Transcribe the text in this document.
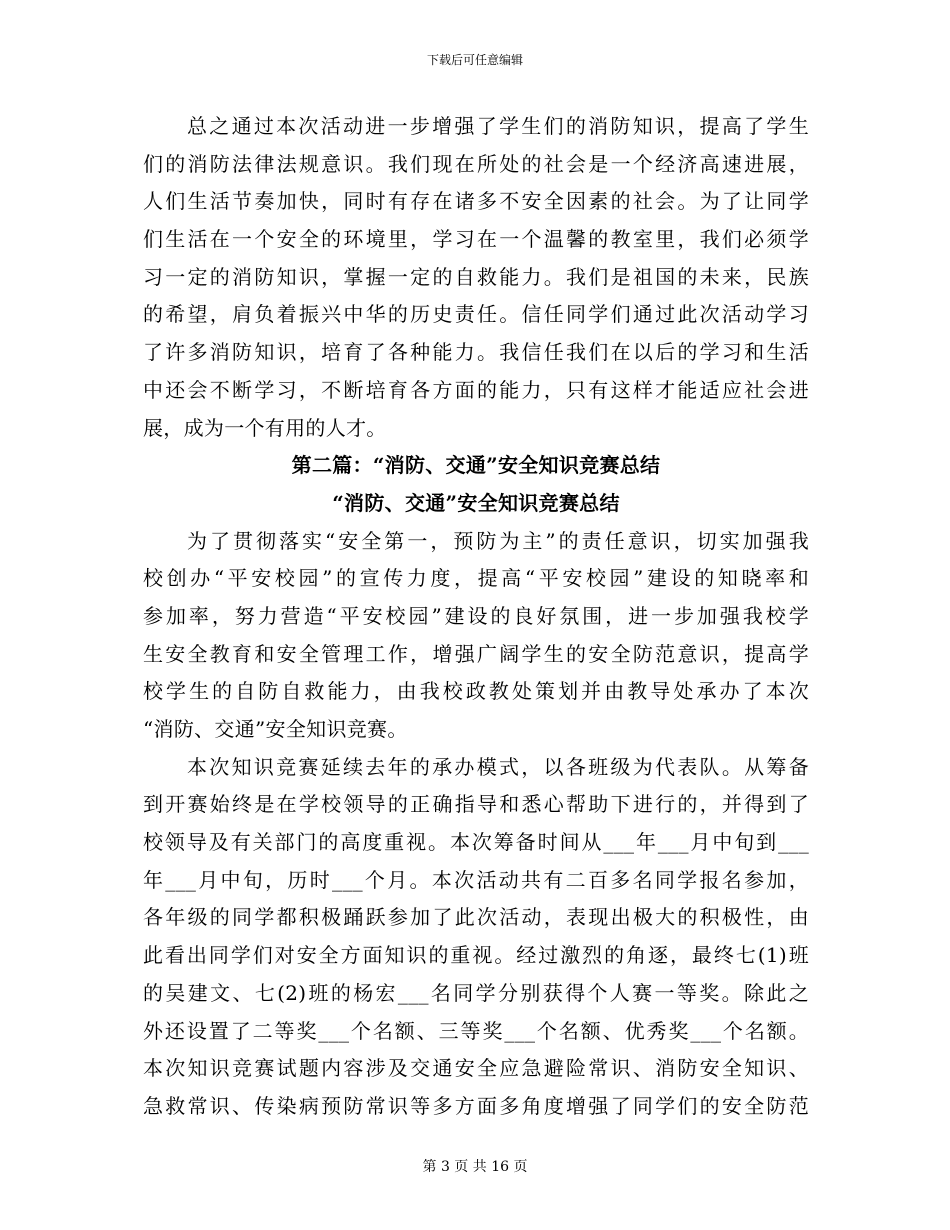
下载后可任意编辑
总之通过本次活动进一步增强了学生们的消防知识，提高了学生
们的消防法律法规意识。我们现在所处的社会是一个经济高速进展，
人们生活节奏加快，同时有存在诸多不安全因素的社会。为了让同学
们生活在一个安全的环境里，学习在一个温馨的教室里，我们必须学
习一定的消防知识，掌握一定的自救能力。我们是祖国的未来，民族
的希望，肩负着振兴中华的历史责任。信任同学们通过此次活动学习
了许多消防知识，培育了各种能力。我信任我们在以后的学习和生活
中还会不断学习，不断培育各方面的能力，只有这样才能适应社会进
展，成为一个有用的人才。
第二篇：“消防、交通”安全知识竞赛总结
“消防、交通”安全知识竞赛总结
为了贯彻落实“安全第一，预防为主”的责任意识，切实加强我
校创办“平安校园”的宣传力度，提高“平安校园”建设的知晓率和
参加率，努力营造“平安校园”建设的良好氛围，进一步加强我校学
生安全教育和安全管理工作，增强广阔学生的安全防范意识，提高学
校学生的自防自救能力，由我校政教处策划并由教导处承办了本次
“消防、交通”安全知识竞赛。
本次知识竞赛延续去年的承办模式，以各班级为代表队。从筹备
到开赛始终是在学校领导的正确指导和悉心帮助下进行的，并得到了
校领导及有关部门的高度重视。本次筹备时间从___年___月中旬到___
年___月中旬，历时___个月。本次活动共有二百多名同学报名参加，
各年级的同学都积极踊跃参加了此次活动，表现出极大的积极性，由
此看出同学们对安全方面知识的重视。经过激烈的角逐，最终七(1)班
的吴建文、七(2)班的杨宏___名同学分别获得个人赛一等奖。除此之
外还设置了二等奖___个名额、三等奖___个名额、优秀奖___个名额。
本次知识竞赛试题内容涉及交通安全应急避险常识、消防安全知识、
急救常识、传染病预防常识等多方面多角度增强了同学们的安全防范
第 3 页 共 16 页
